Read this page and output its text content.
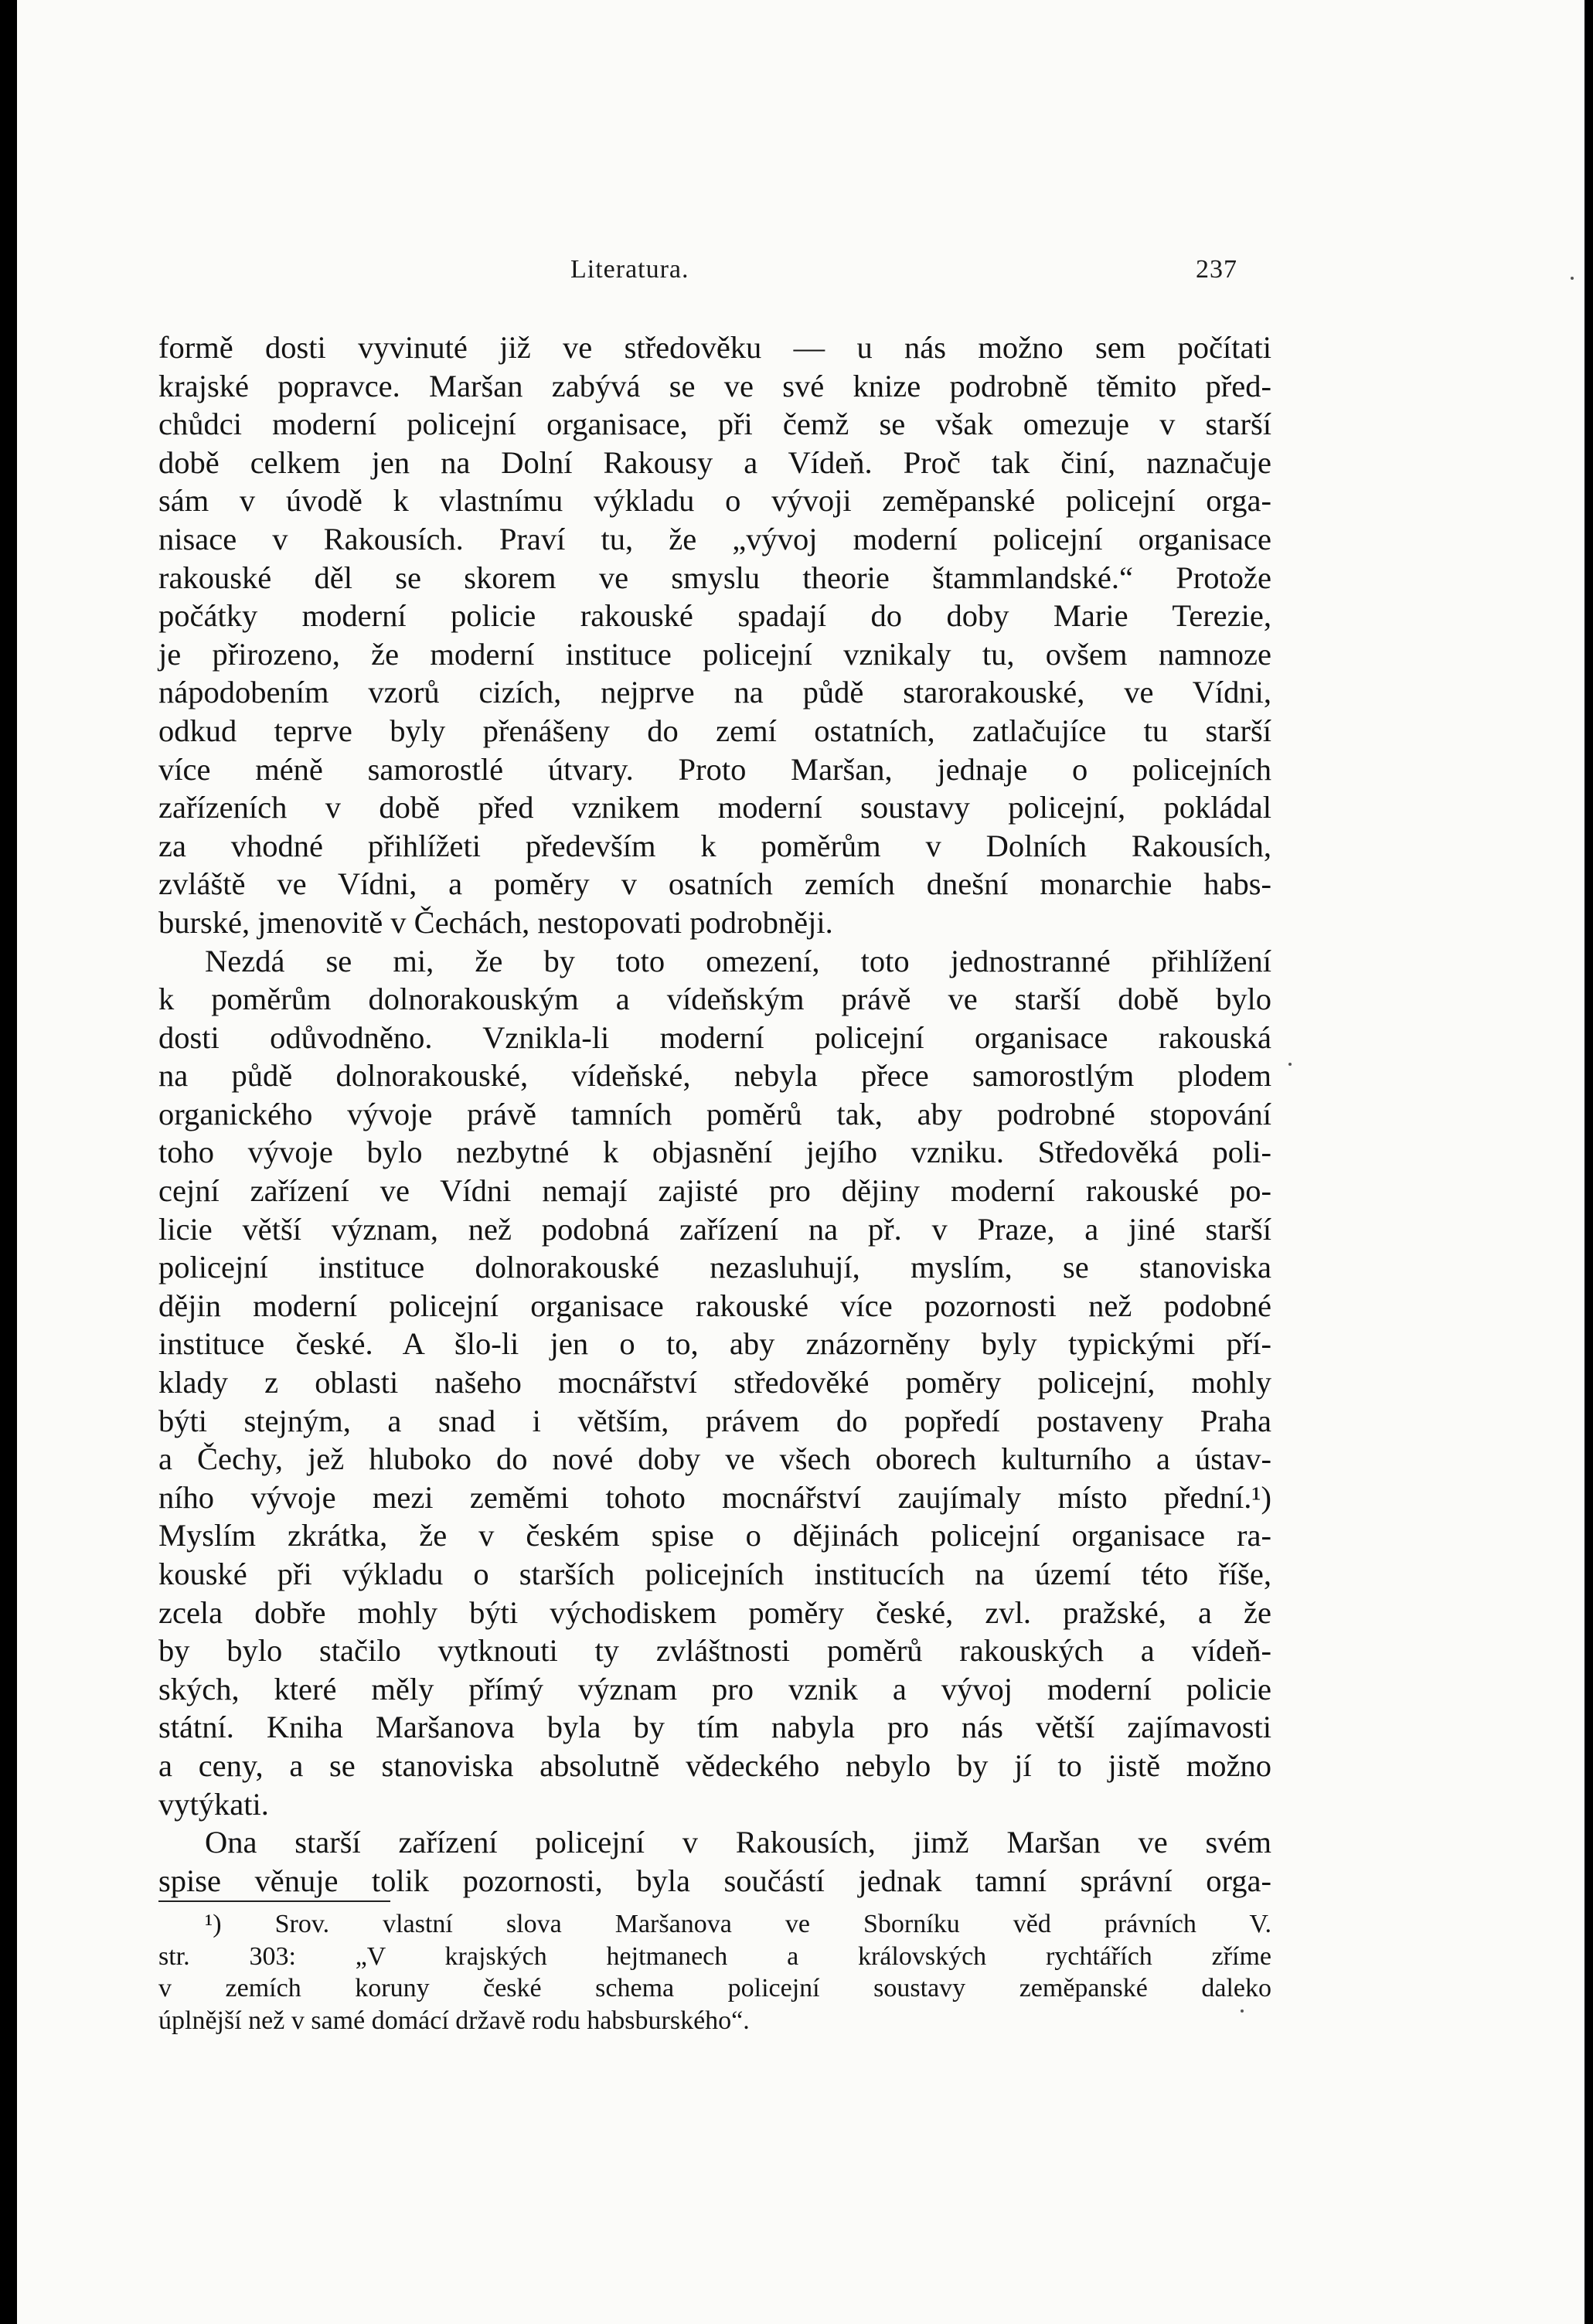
Literatura.	237
formě dosti vyvinuté již ve středověku — u nás možno sem počítati
krajské popravce. Maršan zabývá se ve své knize podrobně těmito před-
chůdci moderní policejní organisace, při čemž se však omezuje v starší
době celkem jen na Dolní Rakousy a Vídeň. Proč tak činí, naznačuje
sám v úvodě k vlastnímu výkladu o vývoji zeměpanské policejní orga-
nisace v Rakousích. Praví tu, že „vývoj moderní policejní organisace
rakouské děl se skorem ve smyslu theorie štammlandské.“ Protože
počátky moderní policie rakouské spadají do doby Marie Terezie,
je přirozeno, že moderní instituce policejní vznikaly tu, ovšem namnoze
nápodobením vzorů cizích, nejprve na půdě starorakouské, ve Vídni,
odkud teprve byly přenášeny do zemí ostatních, zatlačujíce tu starší
více méně samorostlé útvary. Proto Maršan, jednaje o policejních
zařízeních v době před vznikem moderní soustavy policejní, pokládal
za vhodné přihlížeti především k poměrům v Dolních Rakousích,
zvláště ve Vídni, a poměry v osatních zemích dnešní monarchie habs-
burské, jmenovitě v Čechách, nestopovati podrobněji.
Nezdá se mi, že by toto omezení, toto jednostranné přihlížení
k poměrům dolnorakouským a vídeňským právě ve starší době bylo
dosti odůvodněno. Vznikla-li moderní policejní organisace rakouská
na půdě dolnorakouské, vídeňské, nebyla přece samorostlým plodem
organického vývoje právě tamních poměrů tak, aby podrobné stopování
toho vývoje bylo nezbytné k objasnění jejího vzniku. Středověká poli-
cejní zařízení ve Vídni nemají zajisté pro dějiny moderní rakouské po-
licie větší význam, než podobná zařízení na př. v Praze, a jiné starší
policejní instituce dolnorakouské nezasluhují, myslím, se stanoviska
dějin moderní policejní organisace rakouské více pozornosti než podobné
instituce české. A šlo-li jen o to, aby znázorněny byly typickými pří-
klady z oblasti našeho mocnářství středověké poměry policejní, mohly
býti stejným, a snad i větším, právem do popředí postaveny Praha
a Čechy, jež hluboko do nové doby ve všech oborech kulturního a ústav-
ního vývoje mezi zeměmi tohoto mocnářství zaujímaly místo přední.¹)
Myslím zkrátka, že v českém spise o dějinách policejní organisace ra-
kouské při výkladu o starších policejních institucích na území této říše,
zcela dobře mohly býti východiskem poměry české, zvl. pražské, a že
by bylo stačilo vytknouti ty zvláštnosti poměrů rakouských a vídeň-
ských, které měly přímý význam pro vznik a vývoj moderní policie
státní. Kniha Maršanova byla by tím nabyla pro nás větší zajímavosti
a ceny, a se stanoviska absolutně vědeckého nebylo by jí to jistě možno
vytýkati.
Ona starší zařízení policejní v Rakousích, jimž Maršan ve svém
spise věnuje tolik pozornosti, byla součástí jednak tamní správní orga-
¹) Srov. vlastní slova Maršanova ve Sborníku věd právních V.
str. 303: „V krajských hejtmanech a královských rychtářích zříme
v zemích koruny české schema policejní soustavy zeměpanské daleko
úplnější než v samé domácí državě rodu habsburského“.
